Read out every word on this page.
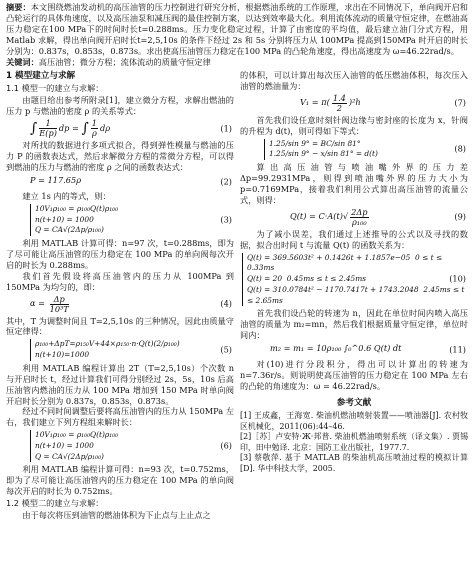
摘要：本文围绕燃油发动机的高压油管的压力控制进行研究分析，根据燃油系统的工作原理，求出在不同情况下，单向阀开启和凸轮运行的具体角速度，以及高压油泵和减压阀的最佳控制方案，以达到效率最大化。利用流体流动的质量守恒定律，在燃油高压力稳定在100 MPa下的时间时长t=0.288ms。压力变化稳定过程，计算了由密度的平均值，最后建立油门分式方程，用 Matlab 求解，得出单向阀开启时长t=2,5,10s 的条件下经过 2s 和 5s 分别将压力从 100MPa 提高到150MPa 时开启的时长分别为：0.837s，0.853s，0.873s。求出使高压油管压力稳定在100 MPa 的凸轮角速度，得出高速度为 ω=46.22rad/s。

关键词：高压油管；微分方程；流体流动的质量守恒定律

1 模型建立与求解
1.1 模型一的建立与求解：

由题目给出参考所附录[1]，建立微分方程，求解出燃油的压力 p 与燃油的密度 ρ 的关系等式：

∫ $\frac{1}{E(p)}$ dp = ∫ $\frac{1}{\rho}$ dρ	(1)

对所找的数据进行多项式拟合，得到弹性模量与燃油的压力 P 的函数表达式，然后求解微分方程的常微分方程，可以得到燃油的压力与燃油的密度 ρ 之间的函数表达式：

P = 117.65ρ	(2)

建立 1s 内的等式，则：

10V₁ρ₁₀₀ = ρ₁₀₀Q(t)ρ₁₀₀
n(t+10) = 1000
Q = CA√(2Δp/ρ₁₀₀)
(3)

利用 MATLAB 计算可得：n=97 次，t=0.288ms，即为了尽可能让高压油管的压力稳定在 100 MPa 的单向阀每次开启的时长为 0.288ms。

我们首先假设将高压油管内的压力从 100MPa 到 150MPa 为均匀的，即：

$\alpha = \frac{\Delta p}{\text{10³T}}$	(4)

其中，T 为调整时间且 T=2,5,10s 的三种情况，因此由质量守恒定律得：

ρ₁₀₀+ΔpT=ρ₁₅₀V+44×ρ₁₅₀·n·Q(t)(2/ρ₁₀₀)
n(t+10)=1000	(5)

利用 MATLAB 编程计算出 2T（T=2,5,10s）个次数 n 与开启时长 t，经过计算我们可得分别经过 2s，5s，10s 后高压油管内燃油的压力从 100 MPa 增加到 150 MPa 时单向阀开启时长分别为 0.837s，0.853s，0.873s。

经过不同时间调整后要将高压油管内的压力从 150MPa 左右，我们建立下列方程组来解时长：

10V₁ρ₁₀₀ = ρ₁₀₀Q(t)ρ₁₀₀
n(t+10) = 1000
Q = CA√(2Δp/ρ₁₀₀)
(6)

利用 MATLAB 编程计算可得：n=93 次，t=0.752ms，即为了尽可能让高压油管内的压力稳定在 100 MPa 的单向阀每次开启的时长为 0.752ms。

1.2 模型二的建立与求解：

由于每次将压到油管的燃油体积为下止点与上止点之

的体积，可以计算出每次压入油管的低压燃油体积，每次压入油管的燃油量为：

$V_1 = \pi( \frac{1.4}{2} )^2h$	(7)

首先我们设任意时刻针阀边缘与密封座的长度为 x，针阀的升程为 d(t)，则可得如下等式：

1.25/sin 9° = BC/sin 81°
1.25/sin 9° − x/sin 81° = d(t)	(8)

算出高压油管与喷油嘴外界的压力差 Δp=99.2931MPa，则得到喷油嘴外界的压力大小为 p=0.7169MPa，接着我们利用公式算出高压油管的流量公式，则得：

$Q(t) = C\cdot A(t)√ \frac{2\Delta p}{\text{ρ₁₀₀}}$	(9)

为了减小误差，我们通过上述推导的公式以及寻找的数据，拟合出时间 t 与流量 Q(t) 的函数关系为：

Q(t) = 369.5603t² + 0.1426t + 1.1857e−05 0 ≤ t ≤ 0.33ms
Q(t) = 20 0.45ms ≤ t ≤ 2.45ms
Q(t) = 310.0784t² − 1170.7417t + 1743.2048 2.45ms ≤ t ≤ 2.65ms
(10)

首先我们设凸轮的转速为 n，因此在单位时间内喷入高压油管的质量为 m₂=mn，然后我们根据质量守恒定律，单位时间内：

m₂ = m₁ = 10ρ₁₀₀ ∫₀^0.6 Q(t) dt	(11)

对(10)进行分段积分，得出可以计算出的转速为 n=7.36r/s。则说明使高压油管的压力稳定在 100 MPa 左右的凸轮的角速度为：ω = 46.22rad/s。

参考文献

[1] 王成鑫，王海宽. 柴油机燃油喷射装置——喷油器[J]. 农村牧区机械化，2011(06):44–46.

[2]［苏］卢安特·Ж·邦普. 柴油机燃油喷射系统（译文集）. 贾锡印，田中勉译. 北京：国防工业出版社，1977.7.

[3] 蔡敬萍. 基于 MATLAB 的柴油机高压喷油过程的模拟计算[D]. 华中科技大学，2005.
